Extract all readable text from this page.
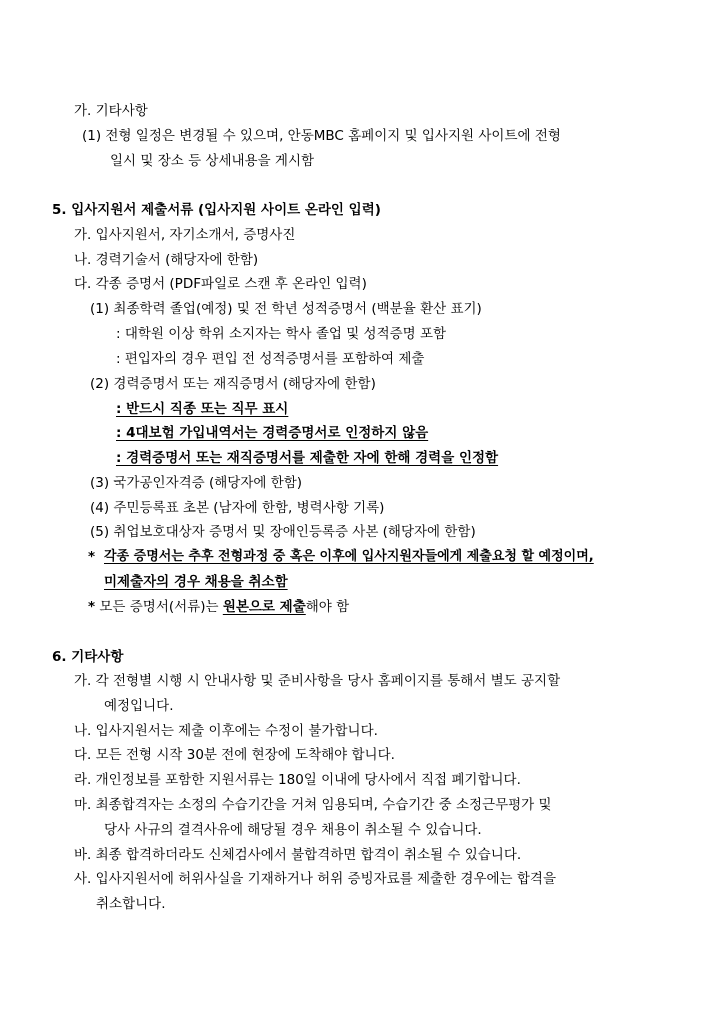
가. 기타사항
(1) 전형 일정은 변경될 수 있으며, 안동MBC 홈페이지 및 입사지원 사이트에 전형
일시 및 장소 등 상세내용을 게시함
5. 입사지원서 제출서류 (입사지원 사이트 온라인 입력)
가. 입사지원서, 자기소개서, 증명사진
나. 경력기술서 (해당자에 한함)
다. 각종 증명서 (PDF파일로 스캔 후 온라인 입력)
(1) 최종학력 졸업(예정) 및 전 학년 성적증명서 (백분율 환산 표기)
: 대학원 이상 학위 소지자는 학사 졸업 및 성적증명 포함
: 편입자의 경우 편입 전 성적증명서를 포함하여 제출
(2) 경력증명서 또는 재직증명서 (해당자에 한함)
: 반드시 직종 또는 직무 표시
: 4대보험 가입내역서는 경력증명서로 인정하지 않음
: 경력증명서 또는 재직증명서를 제출한 자에 한해 경력을 인정함
(3) 국가공인자격증 (해당자에 한함)
(4) 주민등록표 초본 (남자에 한함, 병력사항 기록)
(5) 취업보호대상자 증명서 및 장애인등록증 사본 (해당자에 한함)
* 각종 증명서는 추후 전형과정 중 혹은 이후에 입사지원자들에게 제출요청 할 예정이며,
미제출자의 경우 채용을 취소함
* 모든 증명서(서류)는 원본으로 제출해야 함
6. 기타사항
가. 각 전형별 시행 시 안내사항 및 준비사항을 당사 홈페이지를 통해서 별도 공지할
예정입니다.
나. 입사지원서는 제출 이후에는 수정이 불가합니다.
다. 모든 전형 시작 30분 전에 현장에 도착해야 합니다.
라. 개인정보를 포함한 지원서류는 180일 이내에 당사에서 직접 폐기합니다.
마. 최종합격자는 소정의 수습기간을 거쳐 임용되며, 수습기간 중 소정근무평가 및
당사 사규의 결격사유에 해당될 경우 채용이 취소될 수 있습니다.
바. 최종 합격하더라도 신체검사에서 불합격하면 합격이 취소될 수 있습니다.
사. 입사지원서에 허위사실을 기재하거나 허위 증빙자료를 제출한 경우에는 합격을
취소합니다.
